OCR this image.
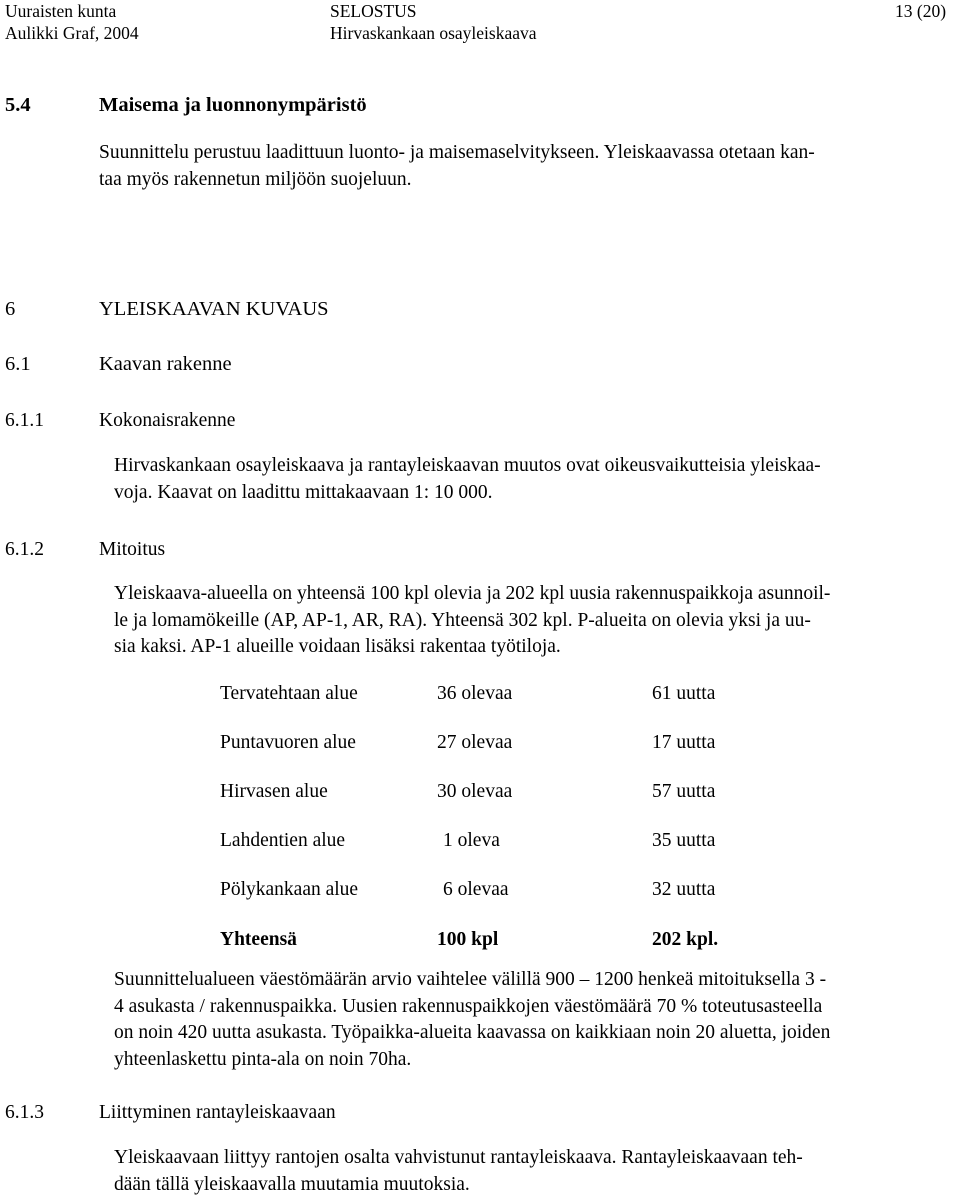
Uuraisten kunta
Aulikki Graf, 2004
SELOSTUS
Hirvaskankaan osayleiskaava
13 (20)
5.4	Maisema ja luonnonympäristö
Suunnittelu perustuu laadittuun luonto- ja maisemaselvitykseen. Yleiskaavassa otetaan kan-
taa myös rakennetun miljöön suojeluun.
6	YLEISKAAVAN KUVAUS
6.1	Kaavan rakenne
6.1.1	Kokonaisrakenne
Hirvaskankaan osayleiskaava ja rantayleiskaavan muutos ovat oikeusvaikutteisia yleiskaa-
voja. Kaavat on laadittu mittakaavaan 1: 10 000.
6.1.2	Mitoitus
Yleiskaava-alueella on yhteensä 100 kpl olevia ja 202 kpl uusia rakennuspaikkoja asunnoil-
le ja lomamökeille (AP, AP-1, AR, RA). Yhteensä 302 kpl. P-alueita on olevia yksi ja uu-
sia kaksi. AP-1 alueille voidaan lisäksi rakentaa työtiloja.
Tervatehtaan alue	36 olevaa	61 uutta
Puntavuoren alue	27 olevaa	17 uutta
Hirvasen alue	30 olevaa	57 uutta
Lahdentien alue	1 oleva	35 uutta
Pölykankaan alue	6 olevaa	32 uutta
Yhteensä	100 kpl	202 kpl.
Suunnittelualueen väestömäärän arvio vaihtelee välillä 900 – 1200 henkeä mitoituksella 3 -
4 asukasta / rakennuspaikka. Uusien rakennuspaikkojen väestömäärä 70 % toteutusasteella
on noin 420 uutta asukasta. Työpaikka-alueita kaavassa on kaikkiaan noin 20 aluetta, joiden
yhteenlaskettu pinta-ala on noin 70ha.
6.1.3	Liittyminen rantayleiskaavaan
Yleiskaavaan liittyy rantojen osalta vahvistunut rantayleiskaava. Rantayleiskaavaan teh-
dään tällä yleiskaavalla muutamia muutoksia.
